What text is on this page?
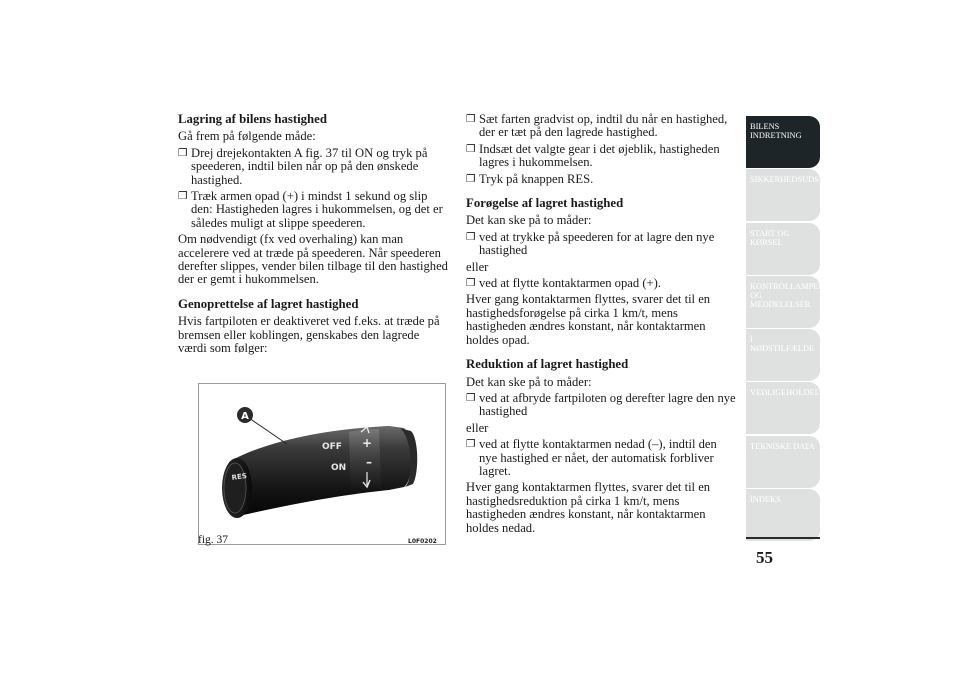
Lagring af bilens hastighed
Gå frem på følgende måde:
❒ Drej drejekontakten A fig. 37 til ON og tryk på speederen, indtil bilen når op på den ønskede hastighed.
❒ Træk armen opad (+) i mindst 1 sekund og slip den: Hastigheden lagres i hukommelsen, og det er således muligt at slippe speederen.
Om nødvendigt (fx ved overhaling) kan man accelerere ved at træde på speederen. Når speederen derefter slippes, vender bilen tilbage til den hastighed der er gemt i hukommelsen.
Genoprettelse af lagret hastighed
Hvis fartpiloten er deaktiveret ved f.eks. at træde på bremsen eller koblingen, genskabes den lagrede værdi som følger:
A
OFF
ON
+
–
RES
fig. 37	L0F0202
❒ Sæt farten gradvist op, indtil du når en hastighed, der er tæt på den lagrede hastighed.
❒ Indsæt det valgte gear i det øjeblik, hastigheden lagres i hukommelsen.
❒ Tryk på knappen RES.
Forøgelse af lagret hastighed
Det kan ske på to måder:
❒ ved at trykke på speederen for at lagre den nye hastighed
eller
❒ ved at flytte kontaktarmen opad (+).
Hver gang kontaktarmen flyttes, svarer det til en hastighedsforøgelse på cirka 1 km/t, mens hastigheden ændres konstant, når kontaktarmen holdes opad.
Reduktion af lagret hastighed
Det kan ske på to måder:
❒ ved at afbryde fartpiloten og derefter lagre den nye hastighed
eller
❒ ved at flytte kontaktarmen nedad (–), indtil den nye hastighed er nået, der automatisk forbliver lagret.
Hver gang kontaktarmen flyttes, svarer det til en hastighedsreduktion på cirka 1 km/t, mens hastigheden ændres konstant, når kontaktarmen holdes nedad.
BILENS INDRETNING
SIKKERHEDSUDSTYR
START OG KØRSEL
KONTROLLAMPER OG MEDDELELSER
I NØDSTILFÆLDE
VEDLIGEHOLDELSE
TEKNISKE DATA
INDEKS
55
